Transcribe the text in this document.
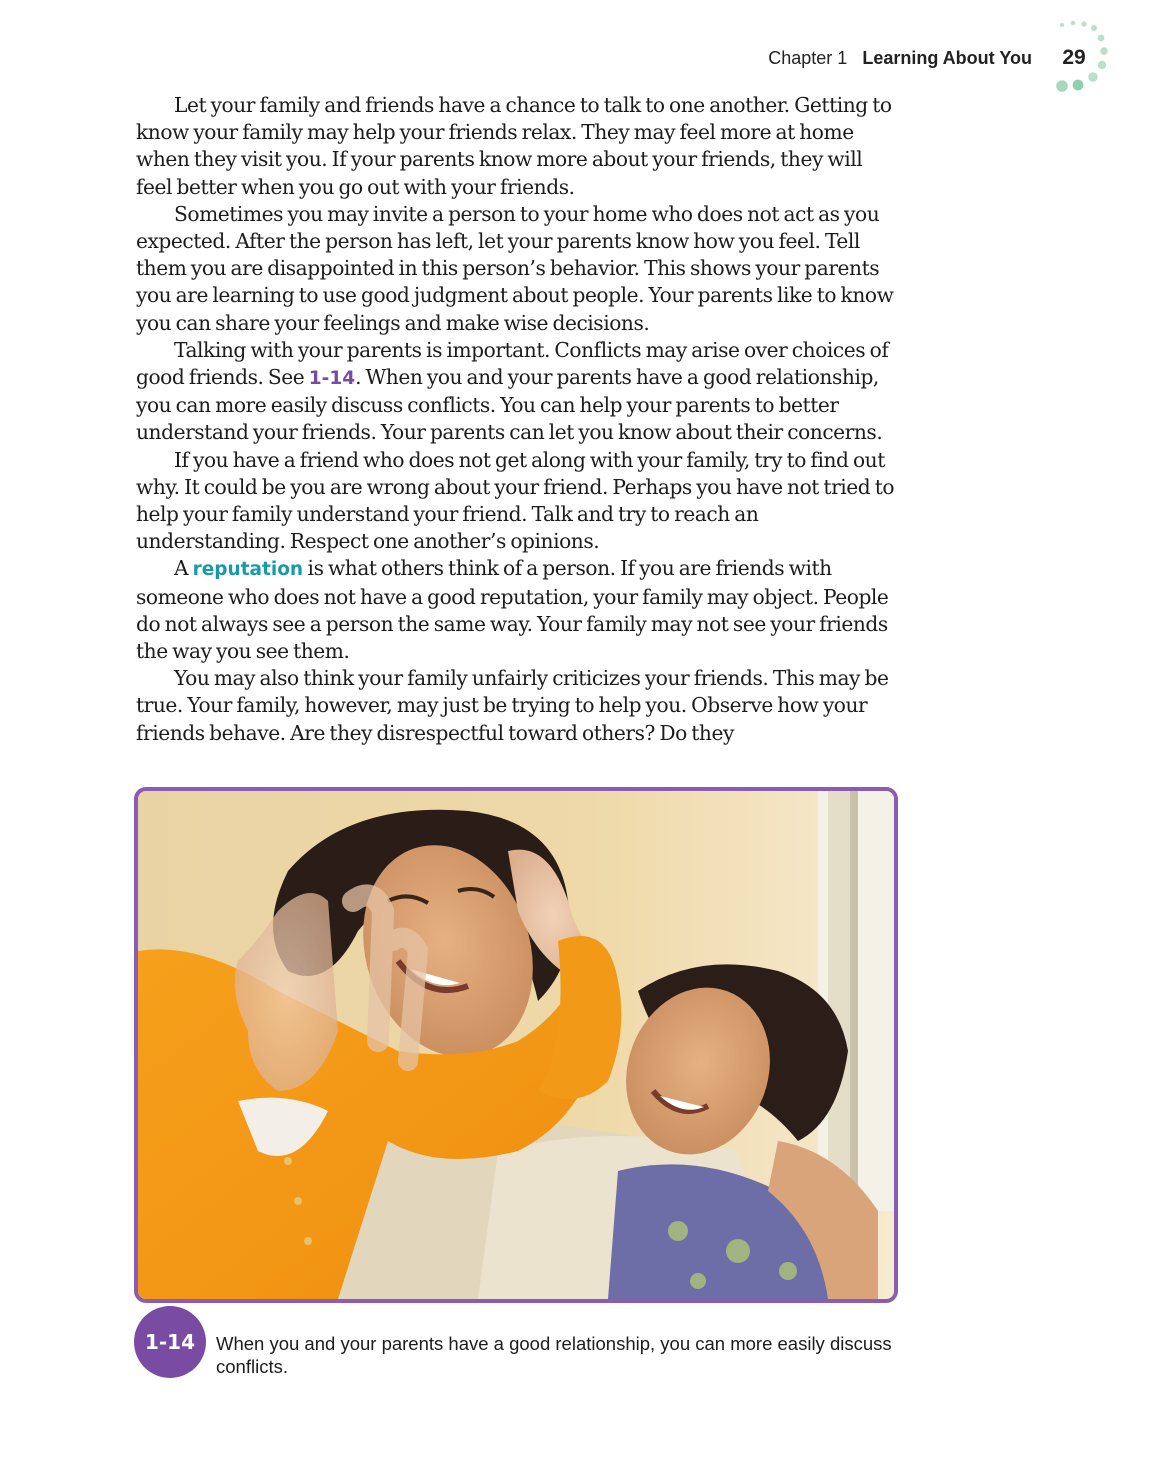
Chapter 1 Learning About You	29

Let your family and friends have a chance to talk to one another. Getting to know your family may help your friends relax. They may feel more at home when they visit you. If your parents know more about your friends, they will feel better when you go out with your friends.

Sometimes you may invite a person to your home who does not act as you expected. After the person has left, let your parents know how you feel. Tell them you are disappointed in this person’s behavior. This shows your parents you are learning to use good judgment about people. Your parents like to know you can share your feelings and make wise decisions.

Talking with your parents is important. Conflicts may arise over choices of good friends. See 1-14. When you and your parents have a good relationship, you can more easily discuss conflicts. You can help your parents to better understand your friends. Your parents can let you know about their concerns.

If you have a friend who does not get along with your family, try to find out why. It could be you are wrong about your friend. Perhaps you have not tried to help your family understand your friend. Talk and try to reach an understanding. Respect one another’s opinions.

A reputation is what others think of a person. If you are friends with someone who does not have a good reputation, your family may object. People do not always see a person the same way. Your family may not see your friends the way you see them.

You may also think your family unfairly criticizes your friends. This may be true. Your family, however, may just be trying to help you. Observe how your friends behave. Are they disrespectful toward others? Do they

1-14	When you and your parents have a good relationship, you can more easily discuss conflicts.
